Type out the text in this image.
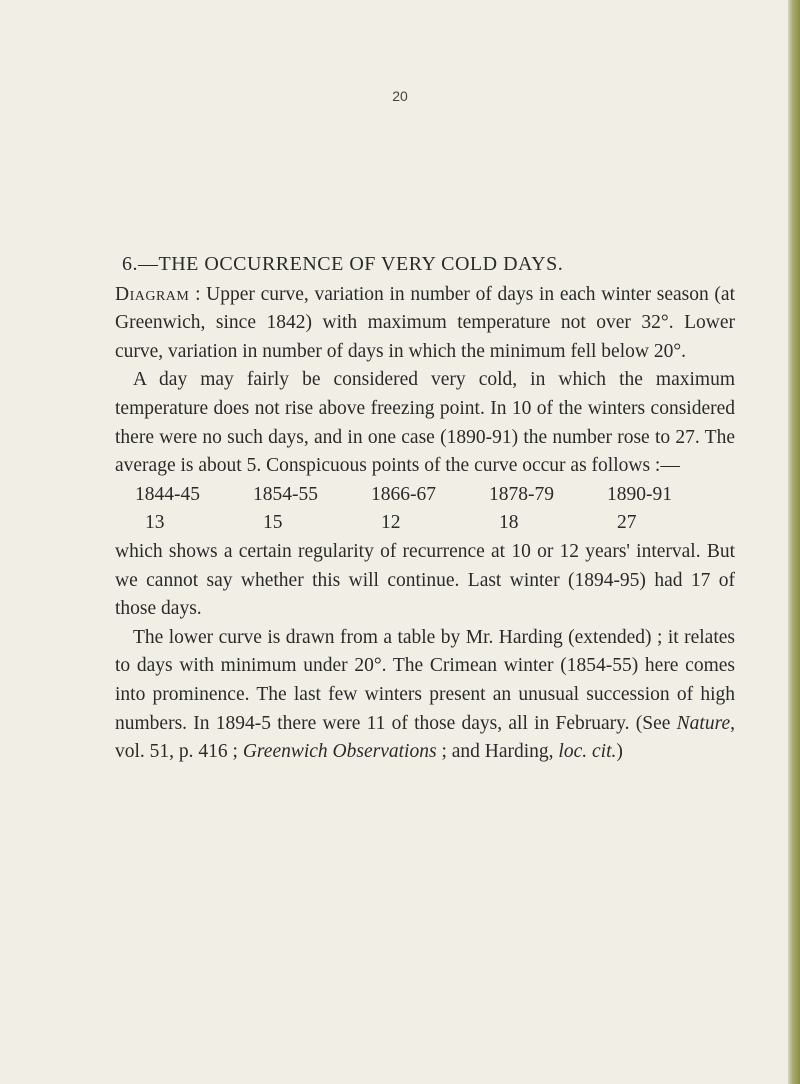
20
6.—THE OCCURRENCE OF VERY COLD DAYS.

Diagram : Upper curve, variation in number of days in each winter season (at Greenwich, since 1842) with maximum temperature not over 32°. Lower curve, variation in number of days in which the minimum fell below 20°.

A day may fairly be considered very cold, in which the maximum temperature does not rise above freezing point. In 10 of the winters considered there were no such days, and in one case (1890-91) the number rose to 27. The average is about 5. Conspicuous points of the curve occur as follows :—

1844-45	1854-55	1866-67	1878-79	1890-91
13	15	12	18	27

which shows a certain regularity of recurrence at 10 or 12 years' interval. But we cannot say whether this will continue. Last winter (1894-95) had 17 of those days.

The lower curve is drawn from a table by Mr. Harding (extended) ; it relates to days with minimum under 20°. The Crimean winter (1854-55) here comes into prominence. The last few winters present an unusual succession of high numbers. In 1894-5 there were 11 of those days, all in February. (See Nature, vol. 51, p. 416 ; Greenwich Observations ; and Harding, loc. cit.)
